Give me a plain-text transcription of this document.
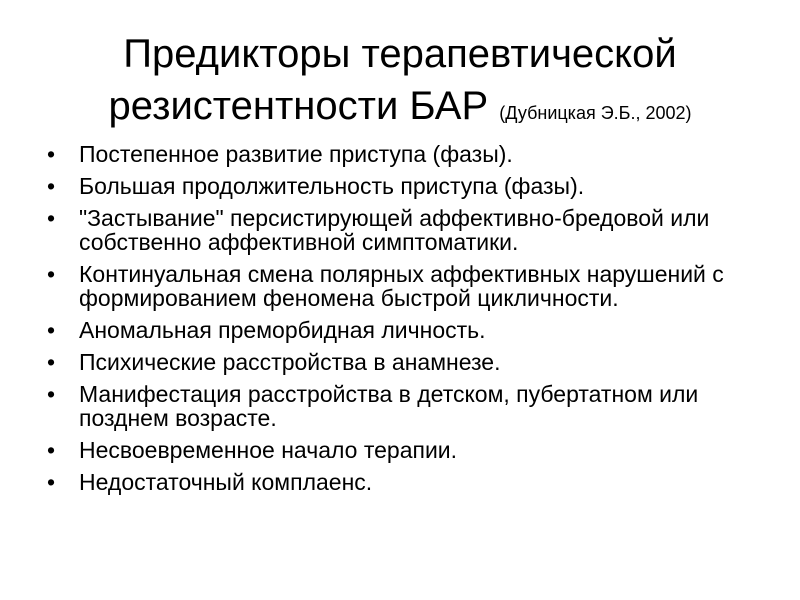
Предикторы терапевтической резистентности БАР (Дубницкая Э.Б., 2002)
•	Постепенное развитие приступа (фазы).
•	Большая продолжительность приступа (фазы).
•	"Застывание" персистирующей аффективно-бредовой или собственно аффективной симптоматики.
•	Континуальная смена полярных аффективных нарушений с формированием феномена быстрой цикличности.
•	Аномальная преморбидная личность.
•	Психические расстройства в анамнезе.
•	Манифестация расстройства в детском, пубертатном или позднем возрасте.
•	Несвоевременное начало терапии.
•	Недостаточный комплаенс.
